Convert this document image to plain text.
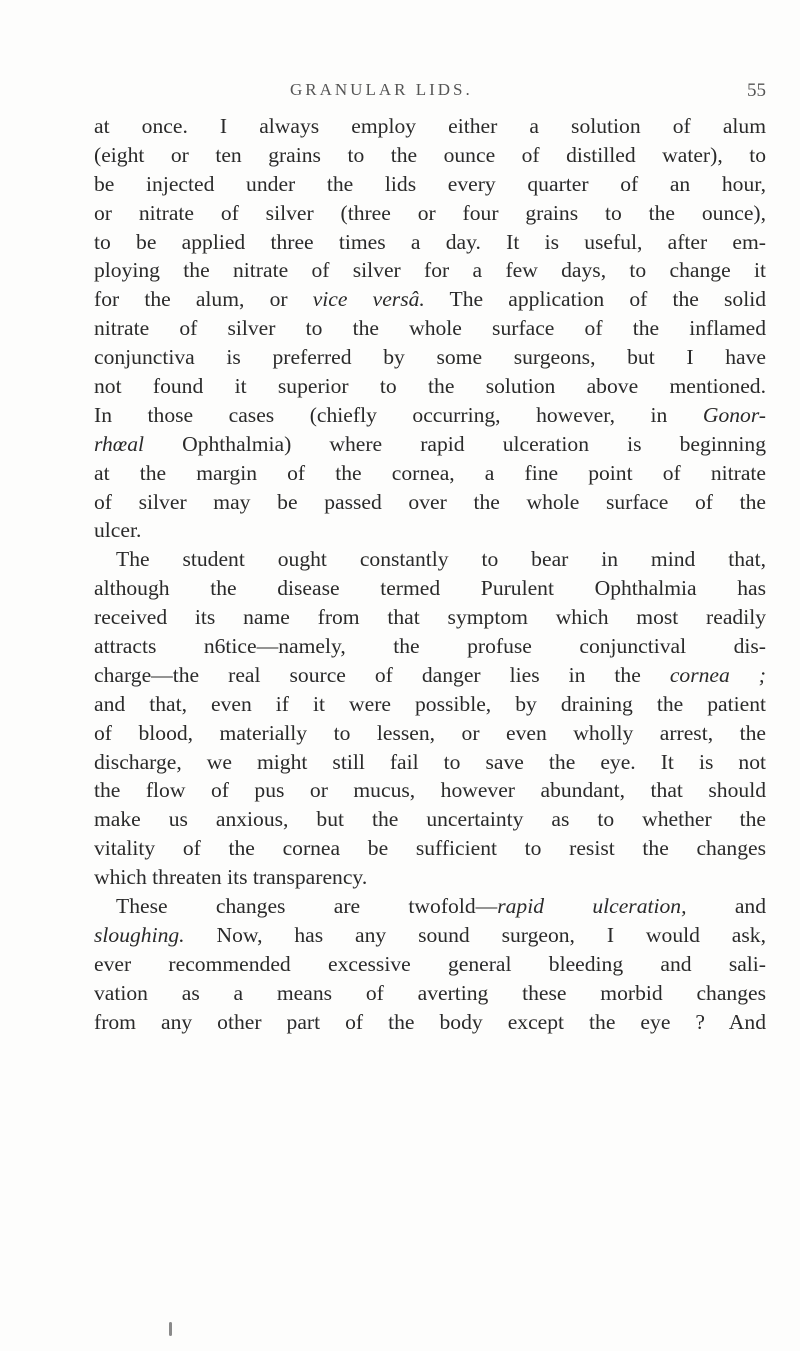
GRANULAR LIDS.	55
at once. I always employ either a solution of alum
(eight or ten grains to the ounce of distilled water), to
be injected under the lids every quarter of an hour,
or nitrate of silver (three or four grains to the ounce),
to be applied three times a day. It is useful, after em-
ploying the nitrate of silver for a few days, to change it
for the alum, or vice versâ. The application of the solid
nitrate of silver to the whole surface of the inflamed
conjunctiva is preferred by some surgeons, but I have
not found it superior to the solution above mentioned.
In those cases (chiefly occurring, however, in Gonor-
rhœal Ophthalmia) where rapid ulceration is beginning
at the margin of the cornea, a fine point of nitrate
of silver may be passed over the whole surface of the
ulcer.
The student ought constantly to bear in mind that,
although the disease termed Purulent Ophthalmia has
received its name from that symptom which most readily
attracts n6tice—namely, the profuse conjunctival dis-
charge—the real source of danger lies in the cornea ;
and that, even if it were possible, by draining the patient
of blood, materially to lessen, or even wholly arrest, the
discharge, we might still fail to save the eye. It is not
the flow of pus or mucus, however abundant, that should
make us anxious, but the uncertainty as to whether the
vitality of the cornea be sufficient to resist the changes
which threaten its transparency.
These changes are twofold—rapid ulceration, and
sloughing. Now, has any sound surgeon, I would ask,
ever recommended excessive general bleeding and sali-
vation as a means of averting these morbid changes
from any other part of the body except the eye ? And
